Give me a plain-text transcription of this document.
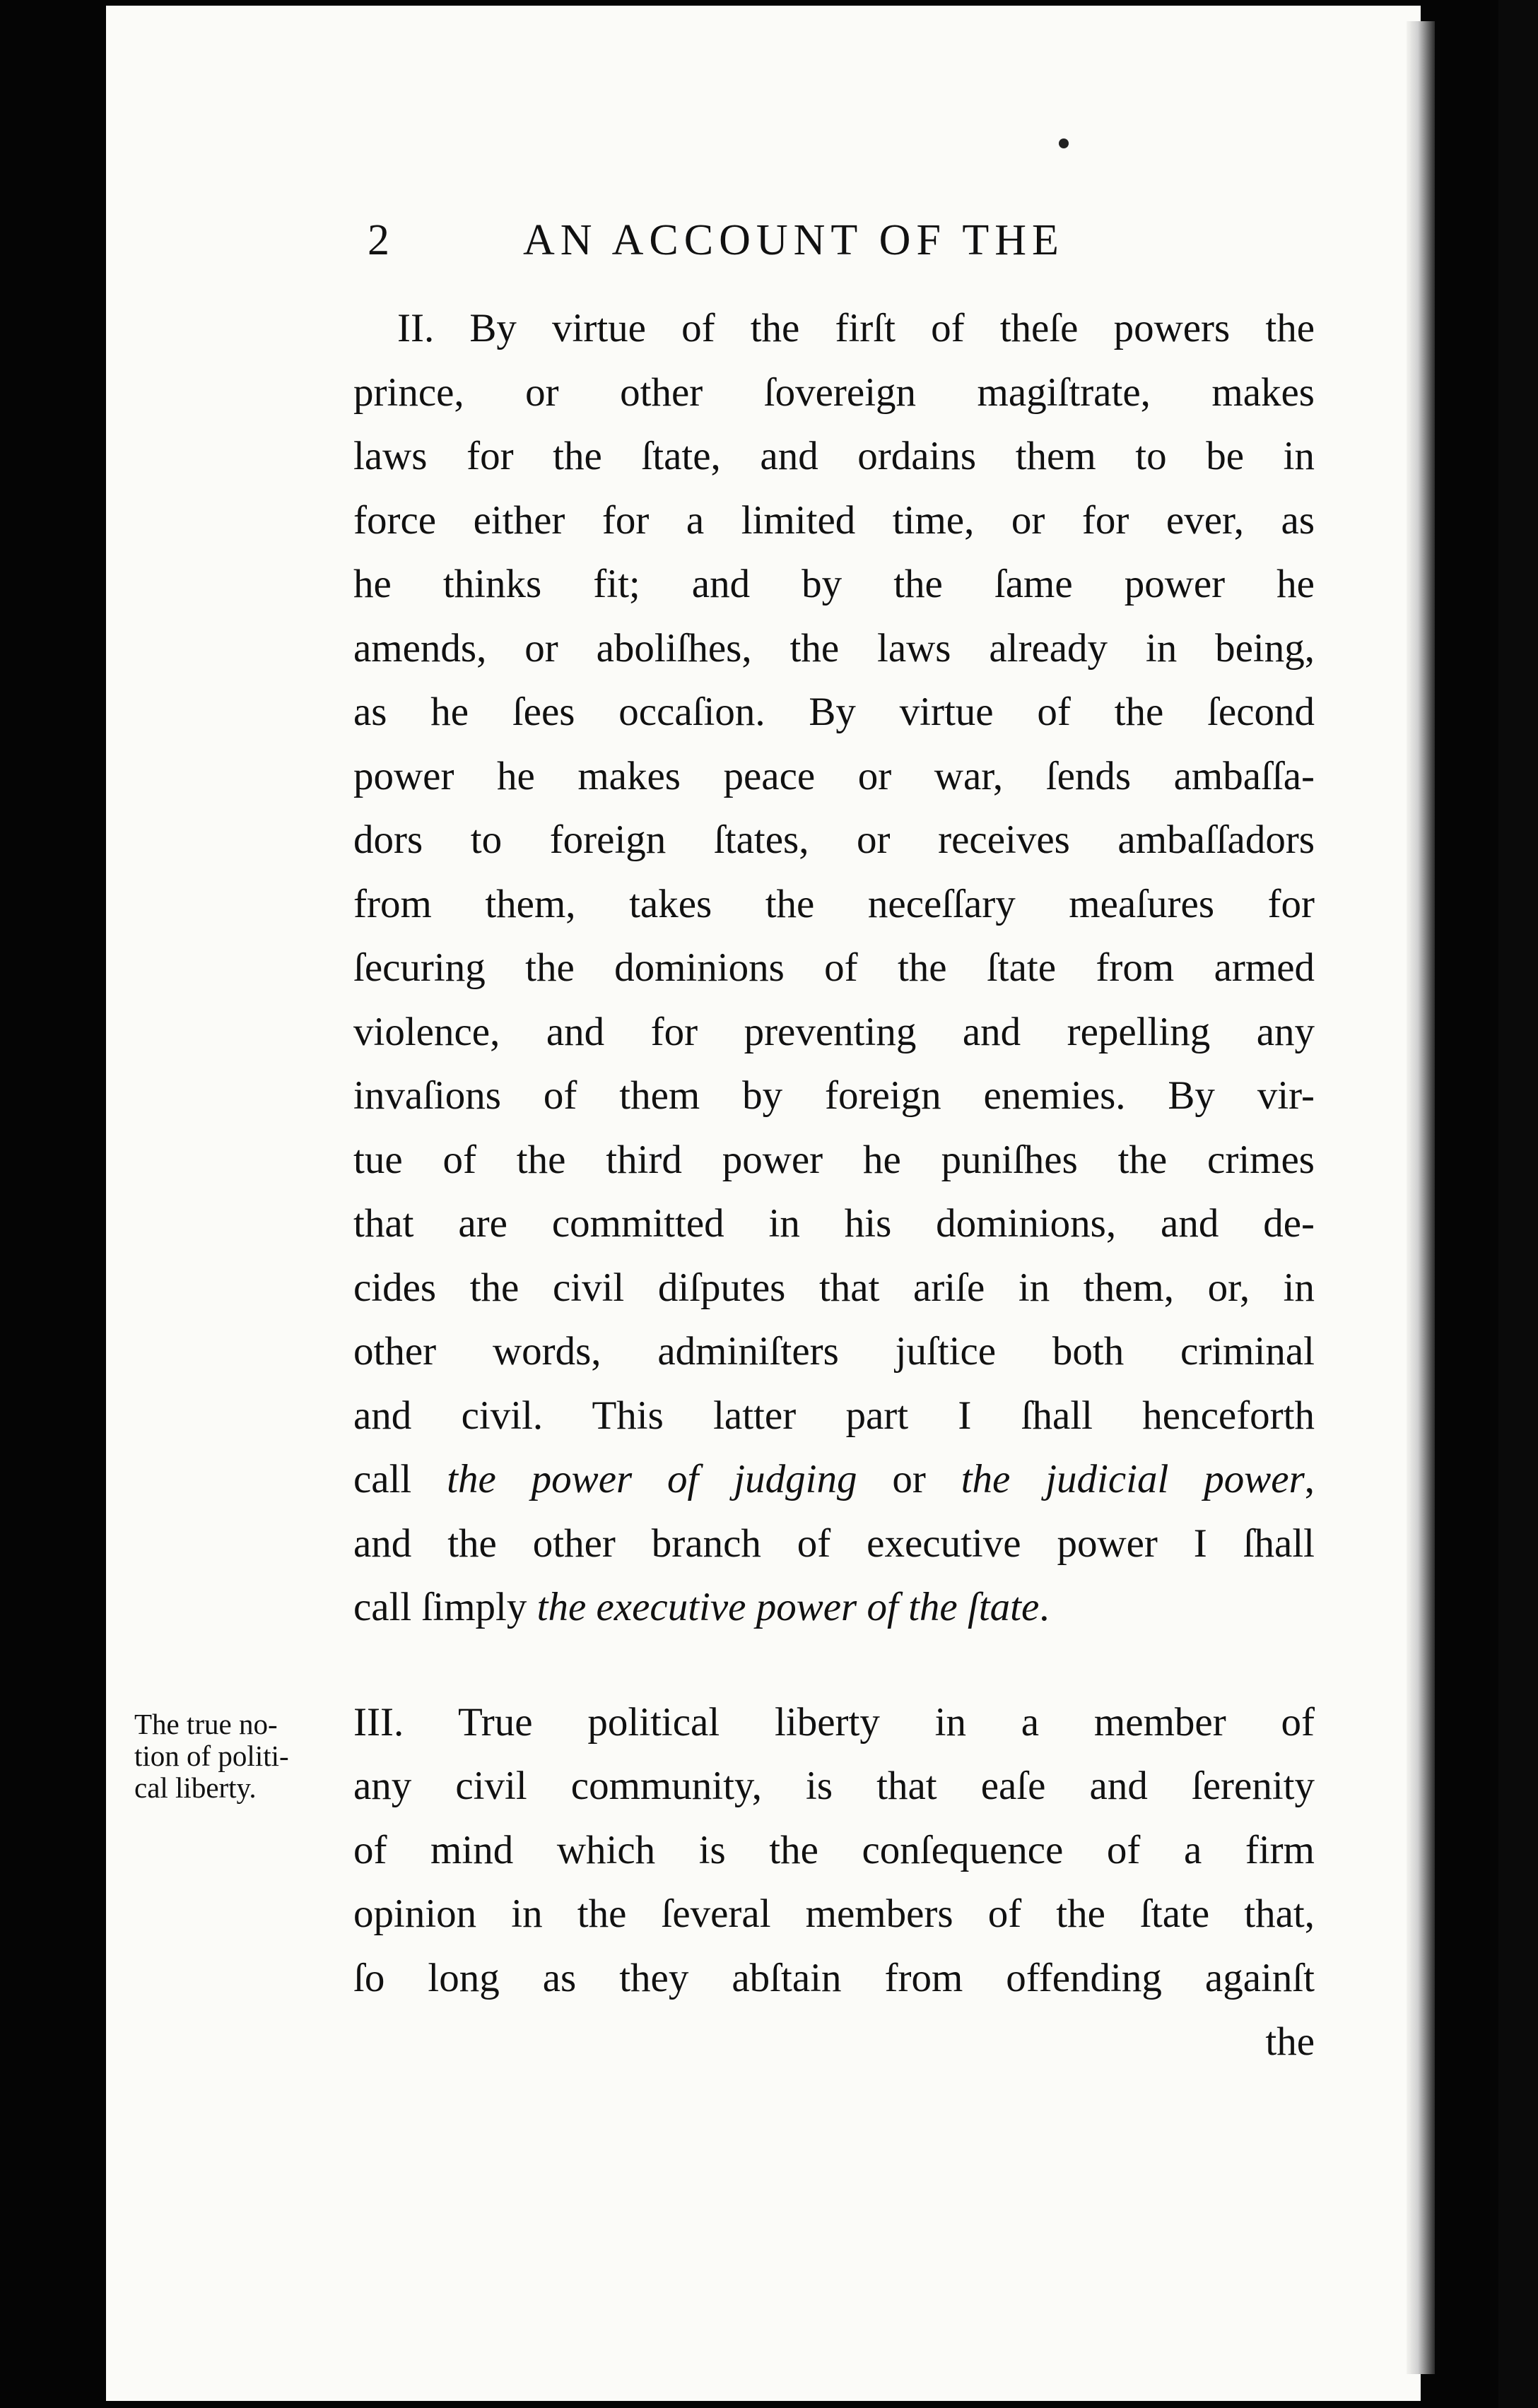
2	AN ACCOUNT OF THE

II. By virtue of the firſt of theſe powers the
prince, or other ſovereign magiſtrate, makes
laws for the ſtate, and ordains them to be in
force either for a limited time, or for ever, as
he thinks fit; and by the ſame power he
amends, or aboliſhes, the laws already in being,
as he ſees occaſion. By virtue of the ſecond
power he makes peace or war, ſends ambaſſa-
dors to foreign ſtates, or receives ambaſſadors
from them, takes the neceſſary meaſures for
ſecuring the dominions of the ſtate from armed
violence, and for preventing and repelling any
invaſions of them by foreign enemies. By vir-
tue of the third power he puniſhes the crimes
that are committed in his dominions, and de-
cides the civil diſputes that ariſe in them, or, in
other words, adminiſters juſtice both criminal
and civil. This latter part I ſhall henceforth
call the power of judging or the judicial power,
and the other branch of executive power I ſhall
call ſimply the executive power of the ſtate.

III. True political liberty in a member of
any civil community, is that eaſe and ſerenity
of mind which is the conſequence of a firm
opinion in the ſeveral members of the ſtate that,
ſo long as they abſtain from offending againſt
the

The true no-
tion of politi-
cal liberty.
